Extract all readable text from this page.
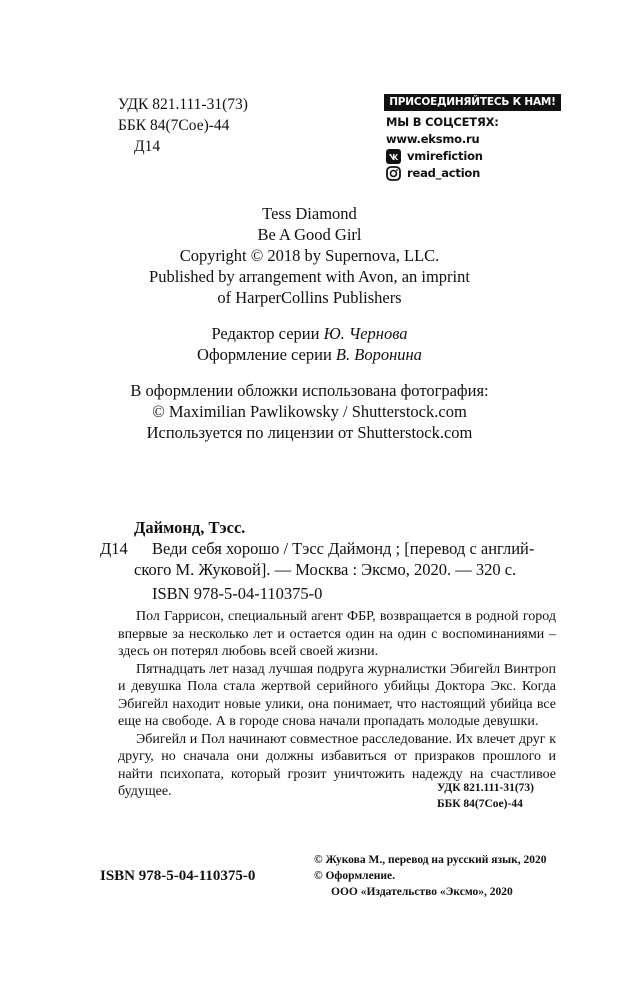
УДК 821.111-31(73)
ББК 84(7Сое)-44
Д14
ПРИСОЕДИНЯЙТЕСЬ К НАМ!
МЫ В СОЦСЕТЯХ:
www.eksmo.ru
vmirefiction
read_action
Tess Diamond
Be A Good Girl
Copyright © 2018 by Supernova, LLC.
Published by arrangement with Avon, an imprint
of HarperCollins Publishers
Редактор серии Ю. Чернова
Оформление серии В. Воронина
В оформлении обложки использована фотография:
© Maximilian Pawlikowsky / Shutterstock.com
Используется по лицензии от Shutterstock.com
Даймонд, Тэсс.
Д14 Веди себя хорошо / Тэсс Даймонд ; [перевод с англий-
ского М. Жуковой]. — Москва : Эксмо, 2020. — 320 с.
ISBN 978-5-04-110375-0

Пол Гаррисон, специальный агент ФБР, возвращается в родной город впервые за несколько лет и остается один на один с воспоминаниями – здесь он потерял любовь всей своей жизни.

Пятнадцать лет назад лучшая подруга журналистки Эбигейл Винтроп и девушка Пола стала жертвой серийного убийцы Доктора Экс. Когда Эбигейл находит новые улики, она понимает, что настоящий убийца все еще на свободе. А в городе снова начали пропадать молодые девушки.

Эбигейл и Пол начинают совместное расследование. Их влечет друг к другу, но сначала они должны избавиться от призраков прошлого и найти психопата, который грозит уничтожить надежду на счастливое будущее.	УДК 821.111-31(73)
ББК 84(7Сое)-44
ISBN 978-5-04-110375-0
© Жукова М., перевод на русский язык, 2020
© Оформление.
ООО «Издательство «Эксмо», 2020
